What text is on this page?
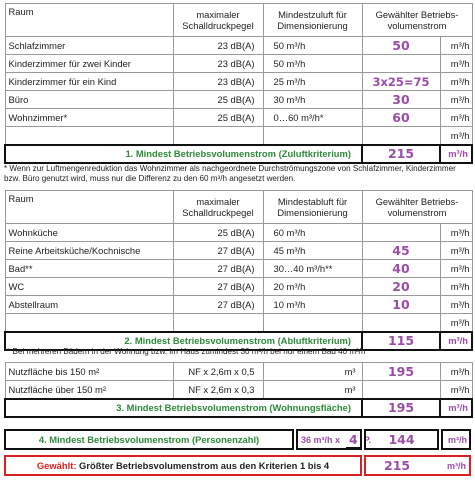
Raum	maximaler Schalldruckpegel	Mindestzuluft für Dimensionierung	Gewählter Betriebs-volumenstrom	
Schlafzimmer	23 dB(A)	50 m³/h	50	m³/h
Kinderzimmer für zwei Kinder	23 dB(A)	50 m³/h		m³/h
Kinderzimmer für ein Kind	23 dB(A)	25 m³/h	3x25=75	m³/h
Büro	25 dB(A)	30 m³/h	30	m³/h
Wohnzimmer*	25 dB(A)	0…60 m³/h*	60	m³/h
				m³/h
1. Mindest Betriebsvolumenstrom (Zuluftkriterium)			215	m³/h
* Wenn zur Luftmengenreduktion das Wohnzimmer als nachgeordnete Durchströmungszone von Schlafzimmer, Kinderzimmer bzw. Büro genutzt wird, muss nur die Differenz zu den 60 m³/h angesetzt werden.
Raum	maximaler Schalldruckpegel	Mindestabluft für Dimensionierung	Gewählter Betriebs-volumenstrom	
Wohnküche	25 dB(A)	60 m³/h		m³/h
Reine Arbeitsküche/Kochnische	27 dB(A)	45 m³/h	45	m³/h
Bad**	27 dB(A)	30…40 m³/h**	40	m³/h
WC	27 dB(A)	20 m³/h	20	m³/h
Abstellraum	27 dB(A)	10 m³/h	10	m³/h
				m³/h
2. Mindest Betriebsvolumenstrom (Abluftkriterium)			115	m³/h
** Bei mehreren Bädern in der Wohnung bzw. im Haus zumindest 30 m³/h bei nur einem Bad 40 m³/h
Nutzfläche bis 150 m²	NF x 2,6m x 0,5	m³	195	m³/h
Nutzfläche über 150 m²	NF x 2,6m x 0,3	m³		m³/h
3. Mindest Betriebsvolumenstrom (Wohnungsfläche)			195	m³/h
4. Mindest Betriebsvolumenstrom (Personenzahl)	36 m³/h x 4 P. 144	m³/h
Gewählt: Größter Betriebsvolumenstrom aus den Kriterien 1 bis 4	215	m³/h
